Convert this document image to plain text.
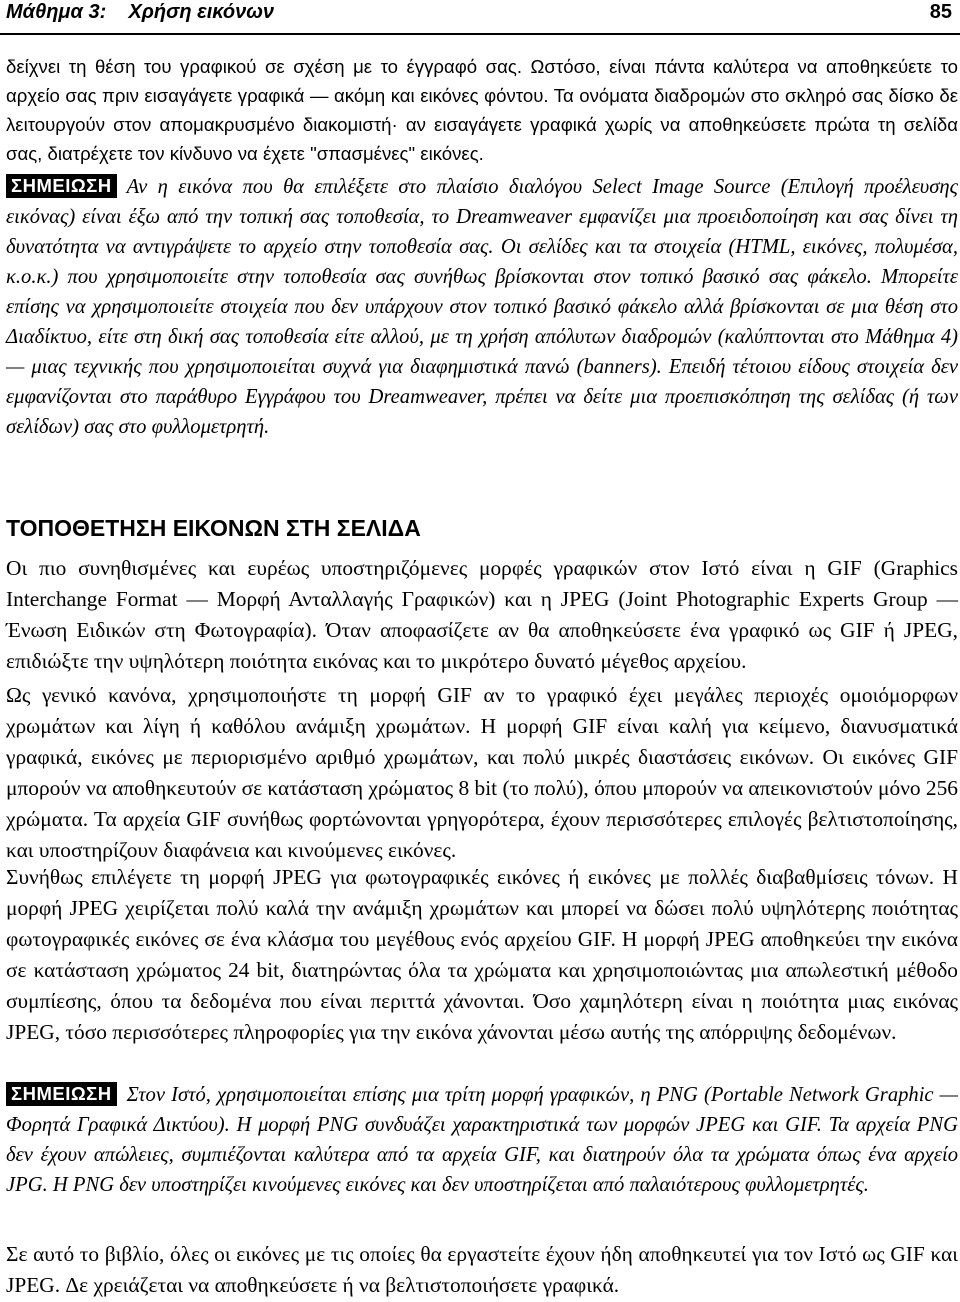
Μάθημα 3:    Χρήση εικόνων	85

δείχνει τη θέση του γραφικού σε σχέση με το έγγραφό σας. Ωστόσο, είναι πάντα καλύτερα να αποθηκεύετε το αρχείο σας πριν εισαγάγετε γραφικά — ακόμη και εικόνες φόντου. Τα ονόματα διαδρομών στο σκληρό σας δίσκο δε λειτουργούν στον απομακρυσμένο διακομιστή· αν εισαγάγετε γραφικά χωρίς να αποθηκεύσετε πρώτα τη σελίδα σας, διατρέχετε τον κίνδυνο να έχετε "σπασμένες" εικόνες.

ΣΗΜΕΙΩΣΗ Αν η εικόνα που θα επιλέξετε στο πλαίσιο διαλόγου Select Image Source (Επιλογή προέλευσης εικόνας) είναι έξω από την τοπική σας τοποθεσία, το Dreamweaver εμφανίζει μια προειδοποίηση και σας δίνει τη δυνατότητα να αντιγράψετε το αρχείο στην τοποθεσία σας. Οι σελίδες και τα στοιχεία (HTML, εικόνες, πολυμέσα, κ.ο.κ.) που χρησιμοποιείτε στην τοποθεσία σας συνήθως βρίσκονται στον τοπικό βασικό σας φάκελο. Μπορείτε επίσης να χρησιμοποιείτε στοιχεία που δεν υπάρχουν στον τοπικό βασικό φάκελο αλλά βρίσκονται σε μια θέση στο Διαδίκτυο, είτε στη δική σας τοποθεσία είτε αλλού, με τη χρήση απόλυτων διαδρομών (καλύπτονται στο Μάθημα 4) — μιας τεχνικής που χρησιμοποιείται συχνά για διαφημιστικά πανώ (banners). Επειδή τέτοιου είδους στοιχεία δεν εμφανίζονται στο παράθυρο Εγγράφου του Dreamweaver, πρέπει να δείτε μια προεπισκόπηση της σελίδας (ή των σελίδων) σας στο φυλλομετρητή.

ΤΟΠΟΘΕΤΗΣΗ ΕΙΚΟΝΩΝ ΣΤΗ ΣΕΛΙΔΑ

Οι πιο συνηθισμένες και ευρέως υποστηριζόμενες μορφές γραφικών στον Ιστό είναι η GIF (Graphics Interchange Format — Μορφή Ανταλλαγής Γραφικών) και η JPEG (Joint Photographic Experts Group — Ένωση Ειδικών στη Φωτογραφία). Όταν αποφασίζετε αν θα αποθηκεύσετε ένα γραφικό ως GIF ή JPEG, επιδιώξτε την υψηλότερη ποιότητα εικόνας και το μικρότερο δυνατό μέγεθος αρχείου.

Ως γενικό κανόνα, χρησιμοποιήστε τη μορφή GIF αν το γραφικό έχει μεγάλες περιοχές ομοιόμορφων χρωμάτων και λίγη ή καθόλου ανάμιξη χρωμάτων. Η μορφή GIF είναι καλή για κείμενο, διανυσματικά γραφικά, εικόνες με περιορισμένο αριθμό χρωμάτων, και πολύ μικρές διαστάσεις εικόνων. Οι εικόνες GIF μπορούν να αποθηκευτούν σε κατάσταση χρώματος 8 bit (το πολύ), όπου μπορούν να απεικονιστούν μόνο 256 χρώματα. Τα αρχεία GIF συνήθως φορτώνονται γρηγορότερα, έχουν περισσότερες επιλογές βελτιστοποίησης, και υποστηρίζουν διαφάνεια και κινούμενες εικόνες.

Συνήθως επιλέγετε τη μορφή JPEG για φωτογραφικές εικόνες ή εικόνες με πολλές διαβαθμίσεις τόνων. Η μορφή JPEG χειρίζεται πολύ καλά την ανάμιξη χρωμάτων και μπορεί να δώσει πολύ υψηλότερης ποιότητας φωτογραφικές εικόνες σε ένα κλάσμα του μεγέθους ενός αρχείου GIF. Η μορφή JPEG αποθηκεύει την εικόνα σε κατάσταση χρώματος 24 bit, διατηρώντας όλα τα χρώματα και χρησιμοποιώντας μια απωλεστική μέθοδο συμπίεσης, όπου τα δεδομένα που είναι περιττά χάνονται. Όσο χαμηλότερη είναι η ποιότητα μιας εικόνας JPEG, τόσο περισσότερες πληροφορίες για την εικόνα χάνονται μέσω αυτής της απόρριψης δεδομένων.

ΣΗΜΕΙΩΣΗ Στον Ιστό, χρησιμοποιείται επίσης μια τρίτη μορφή γραφικών, η PNG (Portable Network Graphic — Φορητά Γραφικά Δικτύου). Η μορφή PNG συνδυάζει χαρακτηριστικά των μορφών JPEG και GIF. Τα αρχεία PNG δεν έχουν απώλειες, συμπιέζονται καλύτερα από τα αρχεία GIF, και διατηρούν όλα τα χρώματα όπως ένα αρχείο JPG. Η PNG δεν υποστηρίζει κινούμενες εικόνες και δεν υποστηρίζεται από παλαιότερους φυλλομετρητές.

Σε αυτό το βιβλίο, όλες οι εικόνες με τις οποίες θα εργαστείτε έχουν ήδη αποθηκευτεί για τον Ιστό ως GIF και JPEG. Δε χρειάζεται να αποθηκεύσετε ή να βελτιστοποιήσετε γραφικά.
